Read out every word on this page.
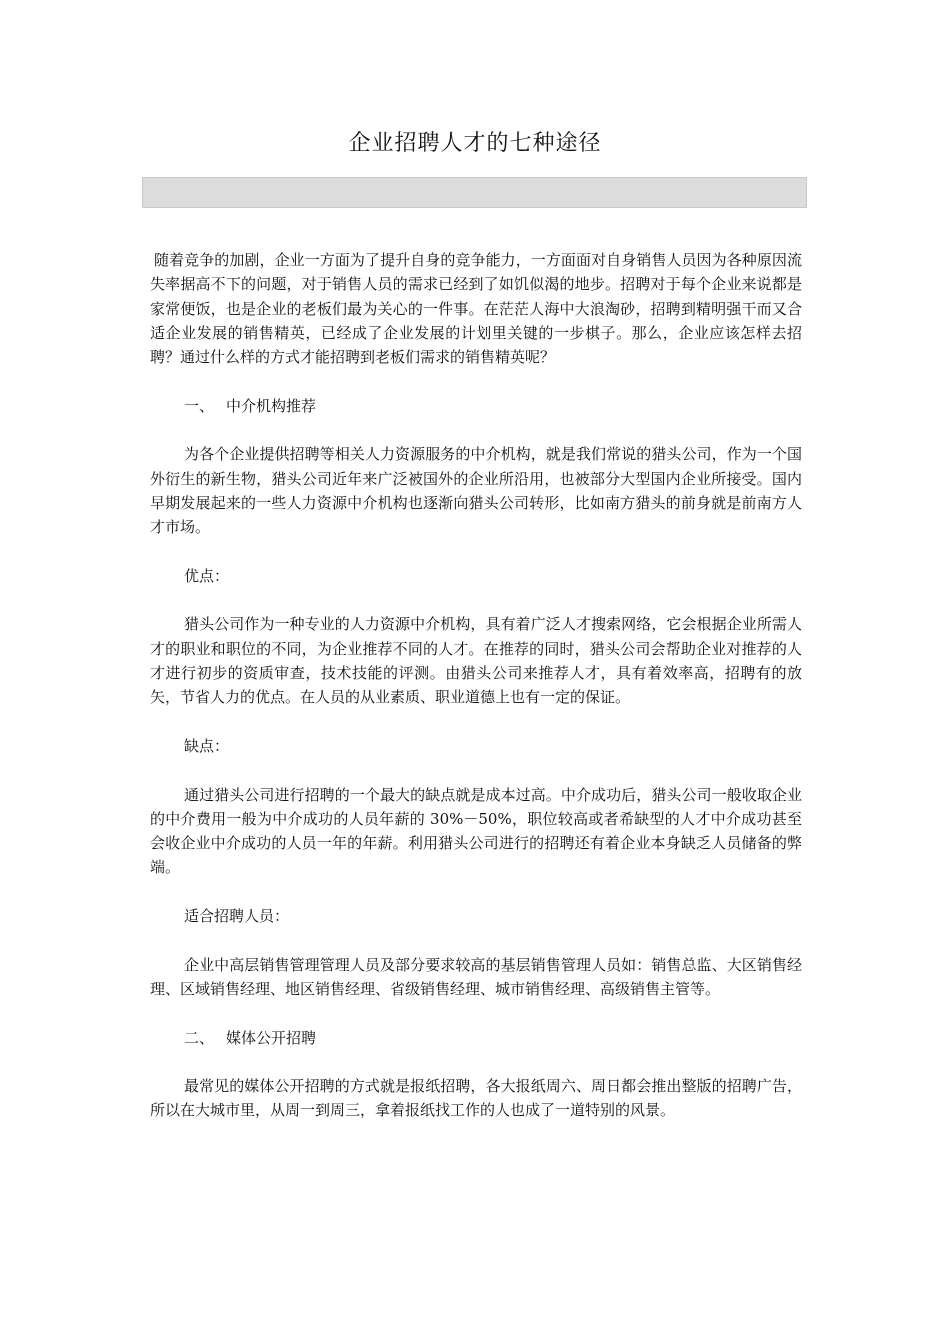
企业招聘人才的七种途径

随着竞争的加剧，企业一方面为了提升自身的竞争能力，一方面面对自身销售人员因为各种原因流失率据高不下的问题，对于销售人员的需求已经到了如饥似渴的地步。招聘对于每个企业来说都是家常便饭，也是企业的老板们最为关心的一件事。在茫茫人海中大浪淘砂，招聘到精明强干而又合适企业发展的销售精英，已经成了企业发展的计划里关键的一步棋子。那么，企业应该怎样去招聘？通过什么样的方式才能招聘到老板们需求的销售精英呢？

一、 中介机构推荐

为各个企业提供招聘等相关人力资源服务的中介机构，就是我们常说的猎头公司，作为一个国外衍生的新生物，猎头公司近年来广泛被国外的企业所沿用，也被部分大型国内企业所接受。国内早期发展起来的一些人力资源中介机构也逐渐向猎头公司转形，比如南方猎头的前身就是前南方人才市场。

优点：

猎头公司作为一种专业的人力资源中介机构，具有着广泛人才搜索网络，它会根据企业所需人才的职业和职位的不同，为企业推荐不同的人才。在推荐的同时，猎头公司会帮助企业对推荐的人才进行初步的资质审查，技术技能的评测。由猎头公司来推荐人才，具有着效率高，招聘有的放矢，节省人力的优点。在人员的从业素质、职业道德上也有一定的保证。

缺点：

通过猎头公司进行招聘的一个最大的缺点就是成本过高。中介成功后，猎头公司一般收取企业的中介费用一般为中介成功的人员年薪的 30%－50%，职位较高或者希缺型的人才中介成功甚至会收企业中介成功的人员一年的年薪。利用猎头公司进行的招聘还有着企业本身缺乏人员储备的弊端。

适合招聘人员：

企业中高层销售管理管理人员及部分要求较高的基层销售管理人员如：销售总监、大区销售经理、区域销售经理、地区销售经理、省级销售经理、城市销售经理、高级销售主管等。

二、 媒体公开招聘

最常见的媒体公开招聘的方式就是报纸招聘，各大报纸周六、周日都会推出整版的招聘广告，所以在大城市里，从周一到周三，拿着报纸找工作的人也成了一道特别的风景。
